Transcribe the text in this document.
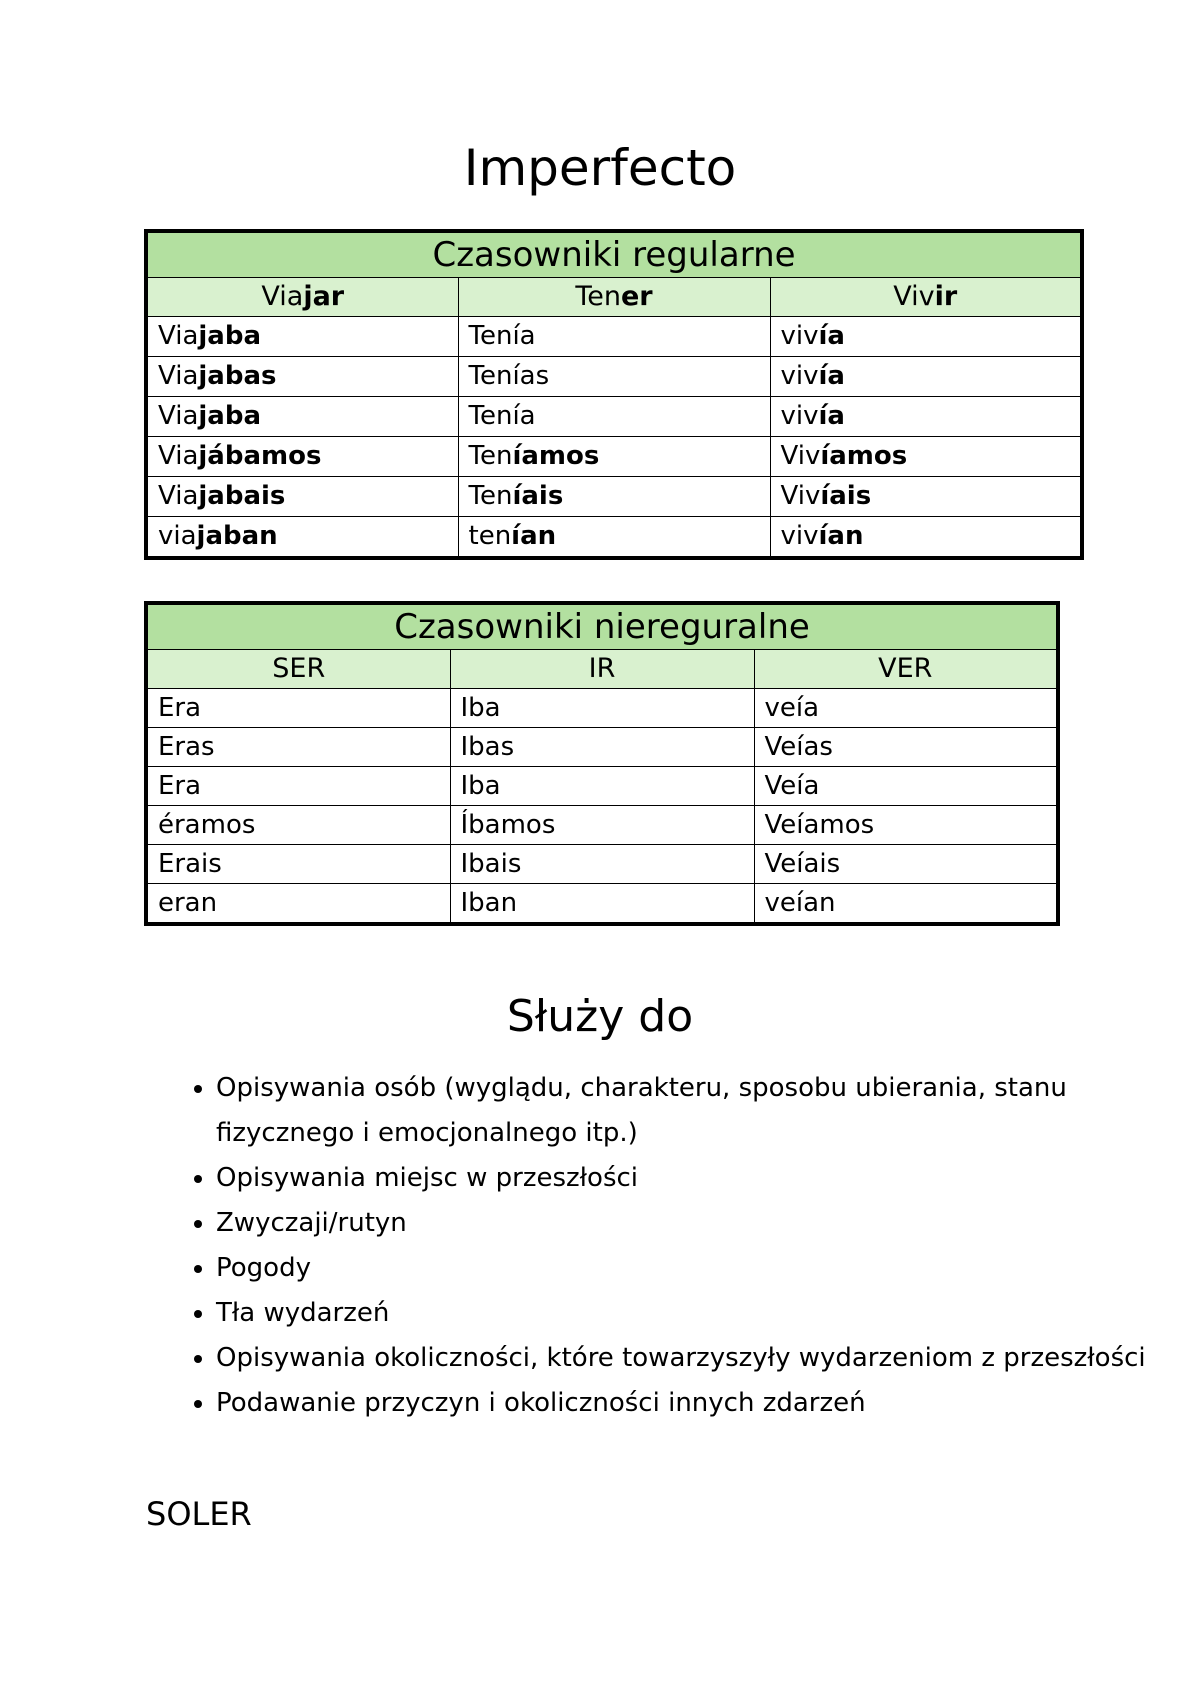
Imperfecto
Czasowniki regularne		
Viajar	Tener	Vivir
Viajaba	Tenía	vivía
Viajabas	Tenías	vivía
Viajaba	Tenía	vivía
Viajábamos	Teníamos	Vivíamos
Viajabais	Teníais	Vivíais
viajaban	tenían	vivían
Czasowniki niereguralne		
SER	IR	VER
Era	Iba	veía
Eras	Ibas	Veías
Era	Iba	Veía
éramos	Íbamos	Veíamos
Erais	Ibais	Veíais
eran	Iban	veían
Służy do
• Opisywania osób (wyglądu, charakteru, sposobu ubierania, stanu fizycznego i emocjonalnego itp.)
• Opisywania miejsc w przeszłości
• Zwyczaji/rutyn
• Pogody
• Tła wydarzeń
• Opisywania okoliczności, które towarzyszyły wydarzeniom z przeszłości
• Podawanie przyczyn i okoliczności innych zdarzeń
SOLER
